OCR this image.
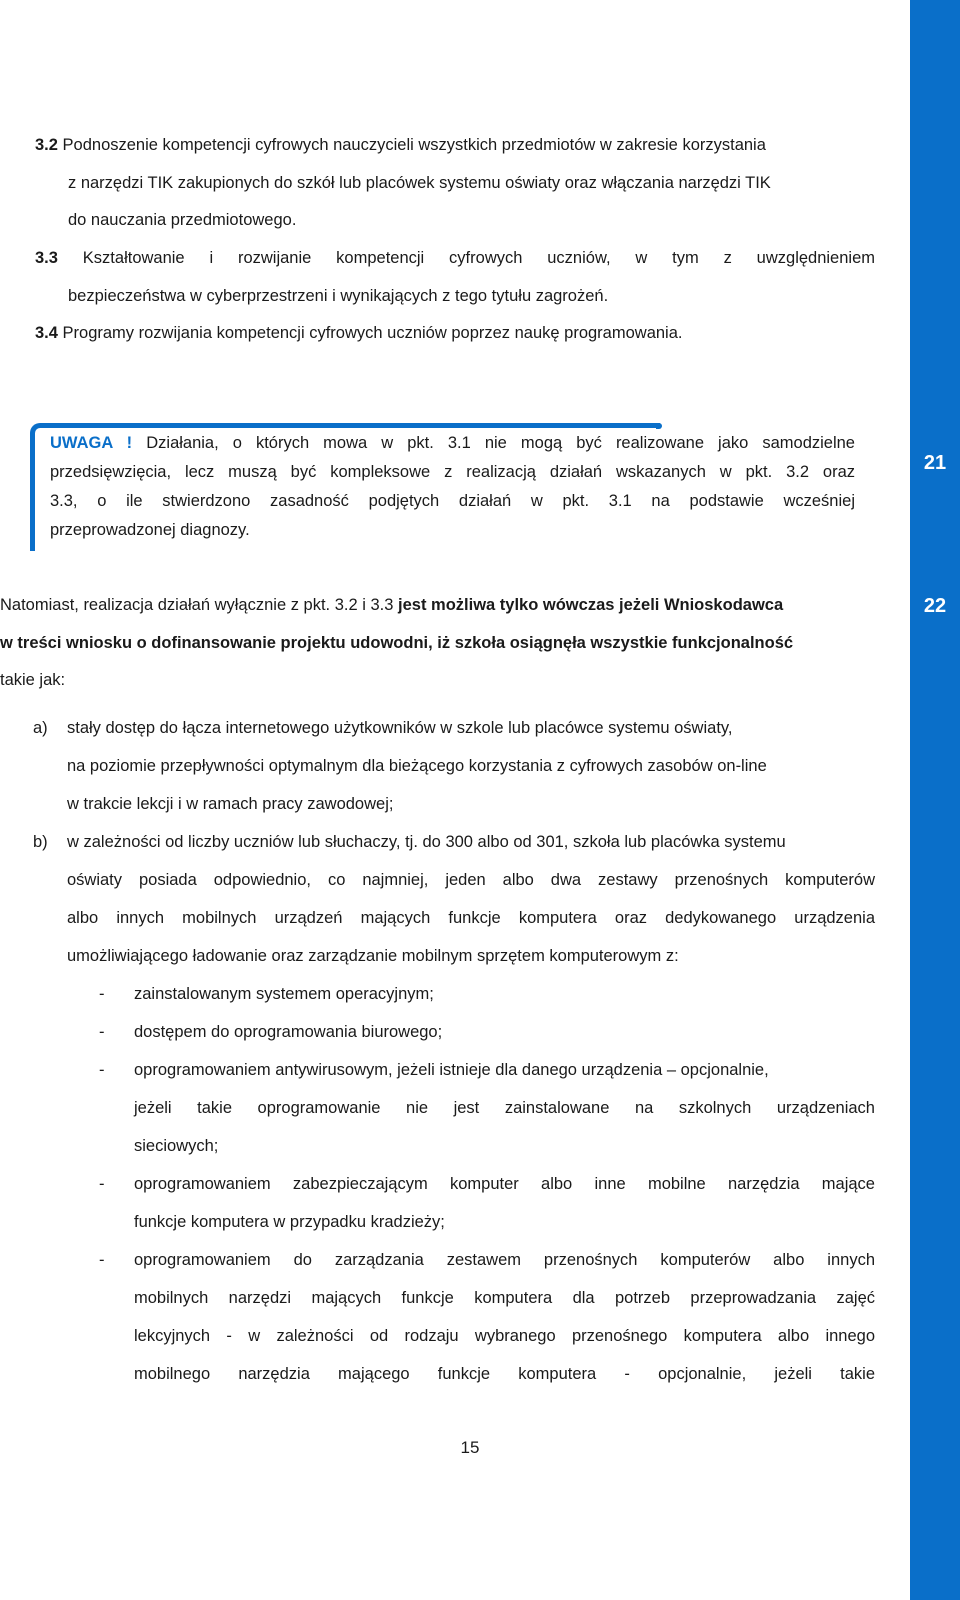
21
22
3.2 Podnoszenie kompetencji cyfrowych nauczycieli wszystkich przedmiotów w zakresie korzystania
z narzędzi TIK zakupionych do szkół lub placówek systemu oświaty oraz włączania narzędzi TIK
do nauczania przedmiotowego.
3.3 Kształtowanie i rozwijanie kompetencji cyfrowych uczniów, w tym z uwzględnieniem
bezpieczeństwa w cyberprzestrzeni i wynikających z tego tytułu zagrożeń.
3.4 Programy rozwijania kompetencji cyfrowych uczniów poprzez naukę programowania.
UWAGA ! Działania, o których mowa w pkt. 3.1 nie mogą być realizowane jako samodzielne
przedsięwzięcia, lecz muszą być kompleksowe z realizacją działań wskazanych w pkt. 3.2 oraz
3.3, o ile stwierdzono zasadność podjętych działań w pkt. 3.1 na podstawie wcześniej
przeprowadzonej diagnozy.
Natomiast, realizacja działań wyłącznie z pkt. 3.2 i 3.3 jest możliwa tylko wówczas jeżeli Wnioskodawca
w treści wniosku o dofinansowanie projektu udowodni, iż szkoła osiągnęła wszystkie funkcjonalność
takie jak:
a) stały dostęp do łącza internetowego użytkowników w szkole lub placówce systemu oświaty,
na poziomie przepływności optymalnym dla bieżącego korzystania z cyfrowych zasobów on-line
w trakcie lekcji i w ramach pracy zawodowej;
b) w zależności od liczby uczniów lub słuchaczy, tj. do 300 albo od 301, szkoła lub placówka systemu
oświaty posiada odpowiednio, co najmniej, jeden albo dwa zestawy przenośnych komputerów
albo innych mobilnych urządzeń mających funkcje komputera oraz dedykowanego urządzenia
umożliwiającego ładowanie oraz zarządzanie mobilnym sprzętem komputerowym z:
- zainstalowanym systemem operacyjnym;
- dostępem do oprogramowania biurowego;
- oprogramowaniem antywirusowym, jeżeli istnieje dla danego urządzenia – opcjonalnie,
jeżeli takie oprogramowanie nie jest zainstalowane na szkolnych urządzeniach
sieciowych;
- oprogramowaniem zabezpieczającym komputer albo inne mobilne narzędzia mające
funkcje komputera w przypadku kradzieży;
- oprogramowaniem do zarządzania zestawem przenośnych komputerów albo innych
mobilnych narzędzi mających funkcje komputera dla potrzeb przeprowadzania zajęć
lekcyjnych - w zależności od rodzaju wybranego przenośnego komputera albo innego
mobilnego narzędzia mającego funkcje komputera - opcjonalnie, jeżeli takie
15
